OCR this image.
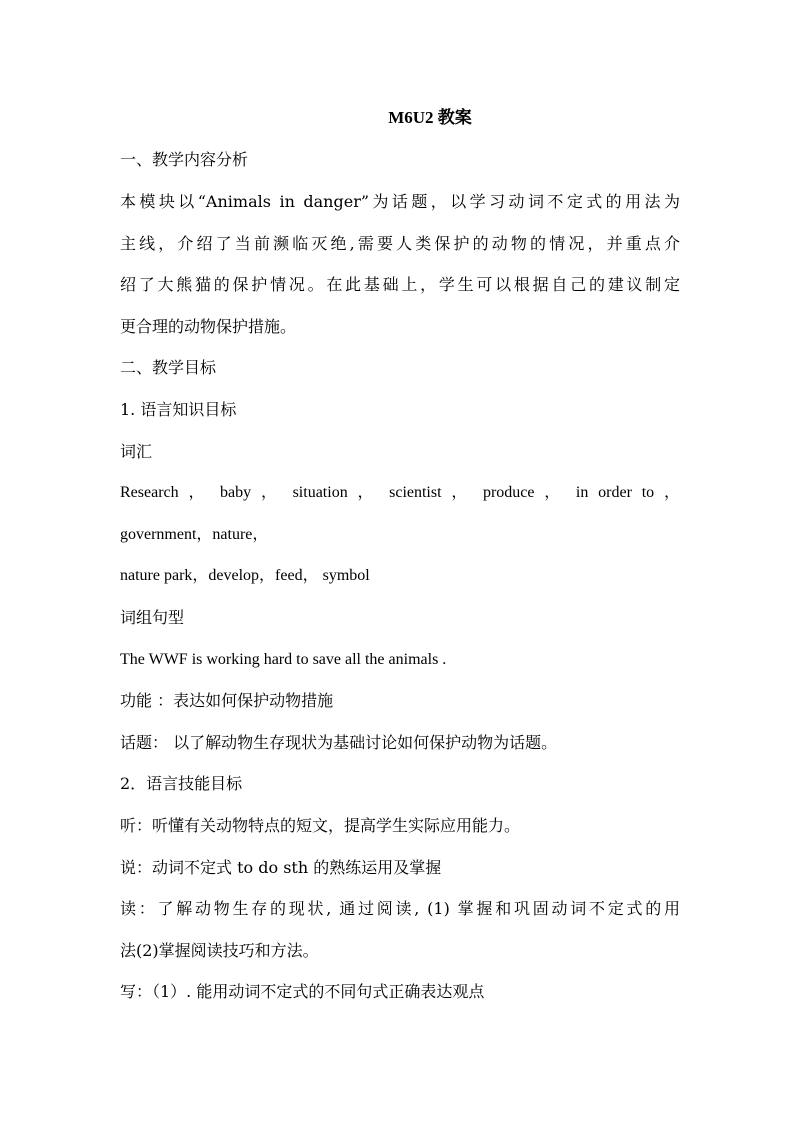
M6U2 教案
一、教学内容分析
本模块以“Animals in danger”为话题，以学习动词不定式的用法为
主线，介绍了当前濒临灭绝,需要人类保护的动物的情况，并重点介
绍了大熊猫的保护情况。在此基础上，学生可以根据自己的建议制定
更合理的动物保护措施。
二、教学目标
1. 语言知识目标
词汇
Research ， baby ， situation ， scientist ， produce ， in order to ，
government，nature，
nature park，develop，feed， symbol
词组句型
The WWF is working hard to save all the animals .
功能 ：表达如何保护动物措施
话题： 以了解动物生存现状为基础讨论如何保护动物为话题。
2．语言技能目标
听：听懂有关动物特点的短文，提高学生实际应用能力。
说：动词不定式 to do sth 的熟练运用及掌握
读：了解动物生存的现状, 通过阅读, (1) 掌握和巩固动词不定式的用
法(2)掌握阅读技巧和方法。
写：（1）. 能用动词不定式的不同句式正确表达观点
